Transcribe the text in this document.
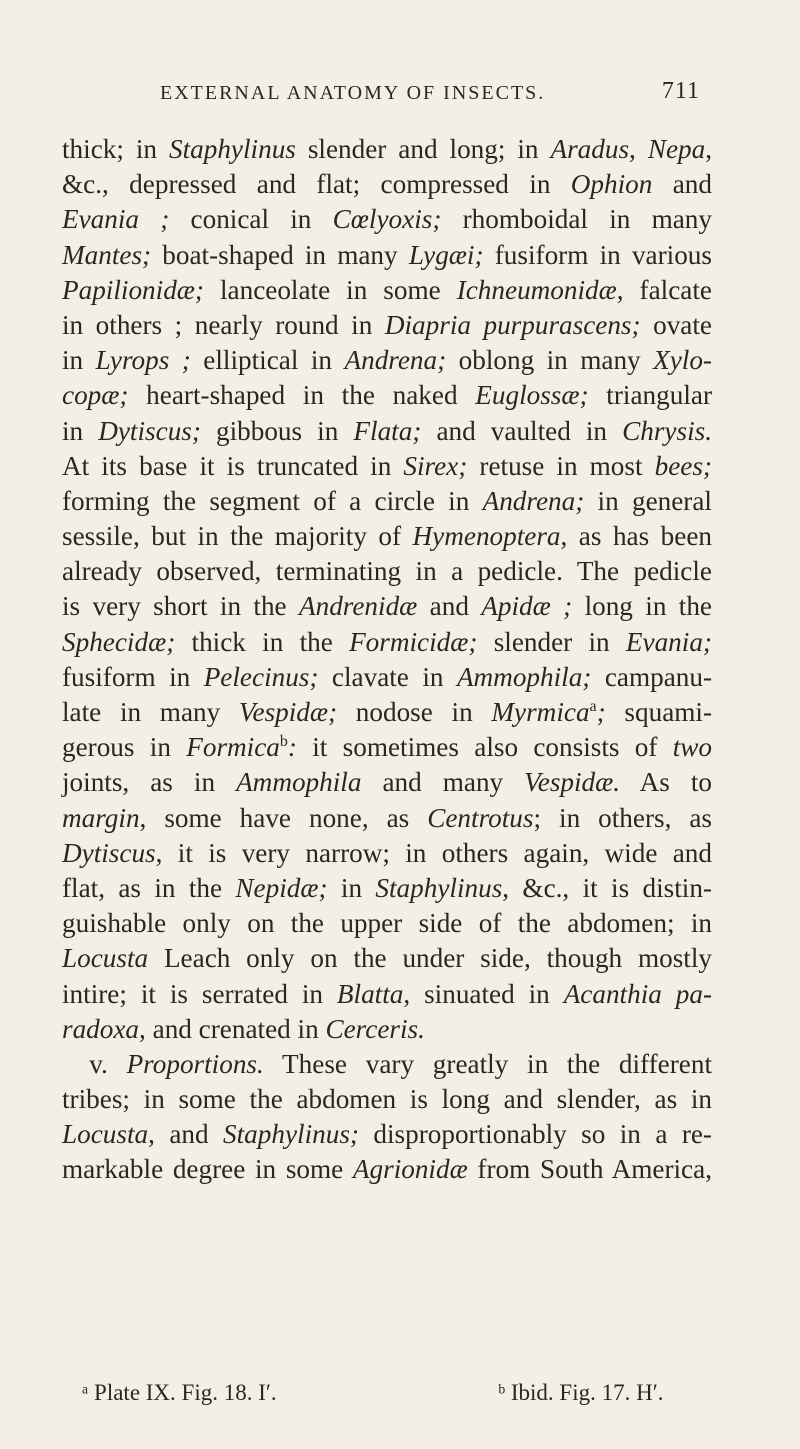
EXTERNAL ANATOMY OF INSECTS.	711
thick; in Staphylinus slender and long; in Aradus, Nepa,
&c., depressed and flat; compressed in Ophion and
Evania ; conical in Cœlyoxis; rhomboidal in many
Mantes; boat-shaped in many Lygæi; fusiform in various
Papilionidæ; lanceolate in some Ichneumonidæ, falcate
in others ; nearly round in Diapria purpurascens; ovate
in Lyrops ; elliptical in Andrena; oblong in many Xylo-
copæ; heart-shaped in the naked Euglossæ; triangular
in Dytiscus; gibbous in Flata; and vaulted in Chrysis.
At its base it is truncated in Sirex; retuse in most bees;
forming the segment of a circle in Andrena; in general
sessile, but in the majority of Hymenoptera, as has been
already observed, terminating in a pedicle. The pedicle
is very short in the Andrenidæ and Apidæ ; long in the
Sphecidæ; thick in the Formicidæ; slender in Evania;
fusiform in Pelecinus; clavate in Ammophila; campanu-
late in many Vespidæ; nodose in Myrmica$^a$; squami-
gerous in Formica$^b$: it sometimes also consists of two
joints, as in Ammophila and many Vespidæ. As to
margin, some have none, as Centrotus; in others, as
Dytiscus, it is very narrow; in others again, wide and
flat, as in the Nepidæ; in Staphylinus, &c., it is distin-
guishable only on the upper side of the abdomen; in
Locusta Leach only on the under side, though mostly
intire; it is serrated in Blatta, sinuated in Acanthia pa-
radoxa, and crenated in Cerceris.
 v. Proportions. These vary greatly in the different
tribes; in some the abdomen is long and slender, as in
Locusta, and Staphylinus; disproportionably so in a re-
markable degree in some Agrionidæ from South America,
ᵃ Plate IX. Fig. 18. I′.	ᵇ Ibid. Fig. 17. H′.
